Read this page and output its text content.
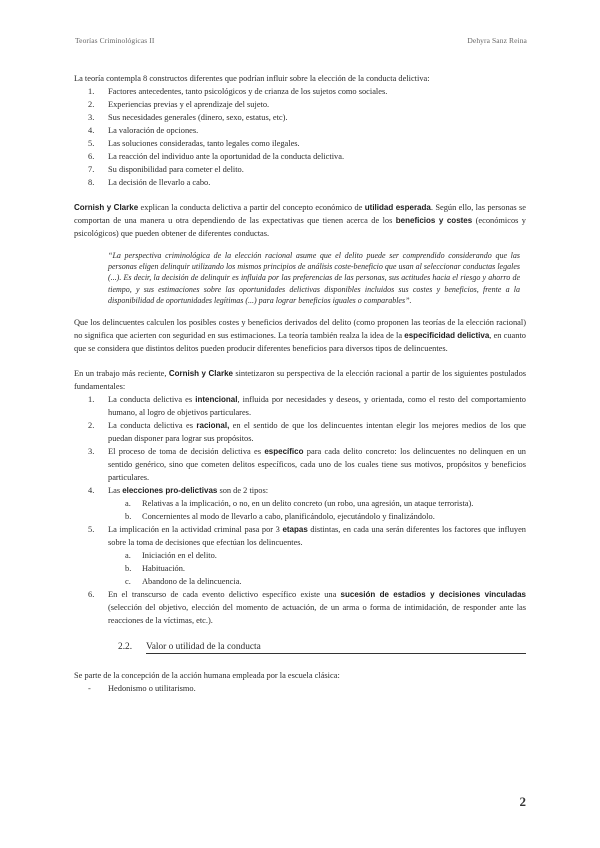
Teorías Criminológicas II	Dehyra Sanz Reina

La teoría contempla 8 constructos diferentes que podrían influir sobre la elección de la conducta delictiva:

1. Factores antecedentes, tanto psicológicos y de crianza de los sujetos como sociales.
2. Experiencias previas y el aprendizaje del sujeto.
3. Sus necesidades generales (dinero, sexo, estatus, etc).
4. La valoración de opciones.
5. Las soluciones consideradas, tanto legales como ilegales.
6. La reacción del individuo ante la oportunidad de la conducta delictiva.
7. Su disponibilidad para cometer el delito.
8. La decisión de llevarlo a cabo.

Cornish y Clarke explican la conducta delictiva a partir del concepto económico de utilidad esperada. Según ello, las personas se comportan de una manera u otra dependiendo de las expectativas que tienen acerca de los beneficios y costes (económicos y psicológicos) que pueden obtener de diferentes conductas.

“La perspectiva criminológica de la elección racional asume que el delito puede ser comprendido considerando que las personas eligen delinquir utilizando los mismos principios de análisis coste-beneficio que usan al seleccionar conductas legales (...). Es decir, la decisión de delinquir es influida por las preferencias de las personas, sus actitudes hacia el riesgo y ahorro de tiempo, y sus estimaciones sobre las oportunidades delictivas disponibles incluidos sus costes y beneficios, frente a la disponibilidad de oportunidades legítimas (...) para lograr beneficios iguales o comparables”.

Que los delincuentes calculen los posibles costes y beneficios derivados del delito (como proponen las teorías de la elección racional) no significa que acierten con seguridad en sus estimaciones. La teoría también realza la idea de la especificidad delictiva, en cuanto que se considera que distintos delitos pueden producir diferentes beneficios para diversos tipos de delincuentes.

En un trabajo más reciente, Cornish y Clarke sintetizaron su perspectiva de la elección racional a partir de los siguientes postulados fundamentales:

1. La conducta delictiva es intencional, influida por necesidades y deseos, y orientada, como el resto del comportamiento humano, al logro de objetivos particulares.
2. La conducta delictiva es racional, en el sentido de que los delincuentes intentan elegir los mejores medios de los que puedan disponer para lograr sus propósitos.
3. El proceso de toma de decisión delictiva es específico para cada delito concreto: los delincuentes no delinquen en un sentido genérico, sino que cometen delitos específicos, cada uno de los cuales tiene sus motivos, propósitos y beneficios particulares.
4. Las elecciones pro-delictivas son de 2 tipos:
a. Relativas a la implicación, o no, en un delito concreto (un robo, una agresión, un ataque terrorista).
b. Concernientes al modo de llevarlo a cabo, planificándolo, ejecutándolo y finalizándolo.
5. La implicación en la actividad criminal pasa por 3 etapas distintas, en cada una serán diferentes los factores que influyen sobre la toma de decisiones que efectúan los delincuentes.
a. Iniciación en el delito.
b. Habituación.
c. Abandono de la delincuencia.
6. En el transcurso de cada evento delictivo específico existe una sucesión de estadios y decisiones vinculadas (selección del objetivo, elección del momento de actuación, de un arma o forma de intimidación, de responder ante las reacciones de la víctimas, etc.).
2.2. Valor o utilidad de la conducta

Se parte de la concepción de la acción humana empleada por la escuela clásica:

- Hedonismo o utilitarismo.
2
